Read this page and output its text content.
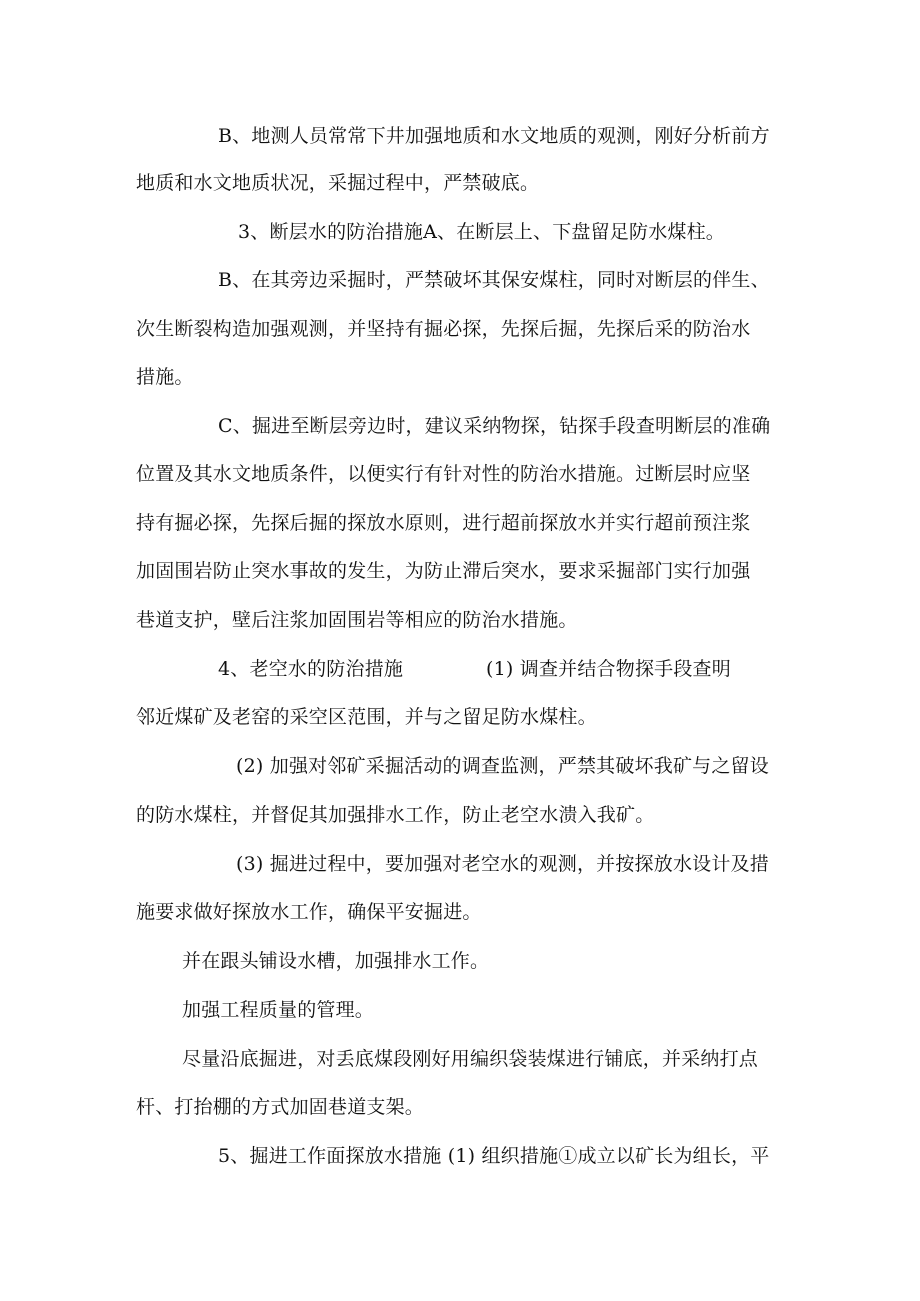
B、地测人员常常下井加强地质和水文地质的观测，刚好分析前方
地质和水文地质状况，采掘过程中，严禁破底。
3、断层水的防治措施A、在断层上、下盘留足防水煤柱。
B、在其旁边采掘时，严禁破坏其保安煤柱，同时对断层的伴生、
次生断裂构造加强观测，并坚持有掘必探，先探后掘，先探后采的防治水
措施。
C、掘进至断层旁边时，建议采纳物探，钻探手段查明断层的准确
位置及其水文地质条件，以便实行有针对性的防治水措施。过断层时应坚
持有掘必探，先探后掘的探放水原则，进行超前探放水并实行超前预注浆
加固围岩防止突水事故的发生，为防止滞后突水，要求采掘部门实行加强
巷道支护，壁后注浆加固围岩等相应的防治水措施。
4、老空水的防治措施	(1) 调查并结合物探手段查明
邻近煤矿及老窑的采空区范围，并与之留足防水煤柱。
(2) 加强对邻矿采掘活动的调查监测，严禁其破坏我矿与之留设
的防水煤柱，并督促其加强排水工作，防止老空水溃入我矿。
(3) 掘进过程中，要加强对老空水的观测，并按探放水设计及措
施要求做好探放水工作，确保平安掘进。
并在跟头铺设水槽，加强排水工作。
加强工程质量的管理。
尽量沿底掘进，对丢底煤段刚好用编织袋装煤进行铺底，并采纳打点
杆、打抬棚的方式加固巷道支架。
5、掘进工作面探放水措施 (1) 组织措施①成立以矿长为组长，平
